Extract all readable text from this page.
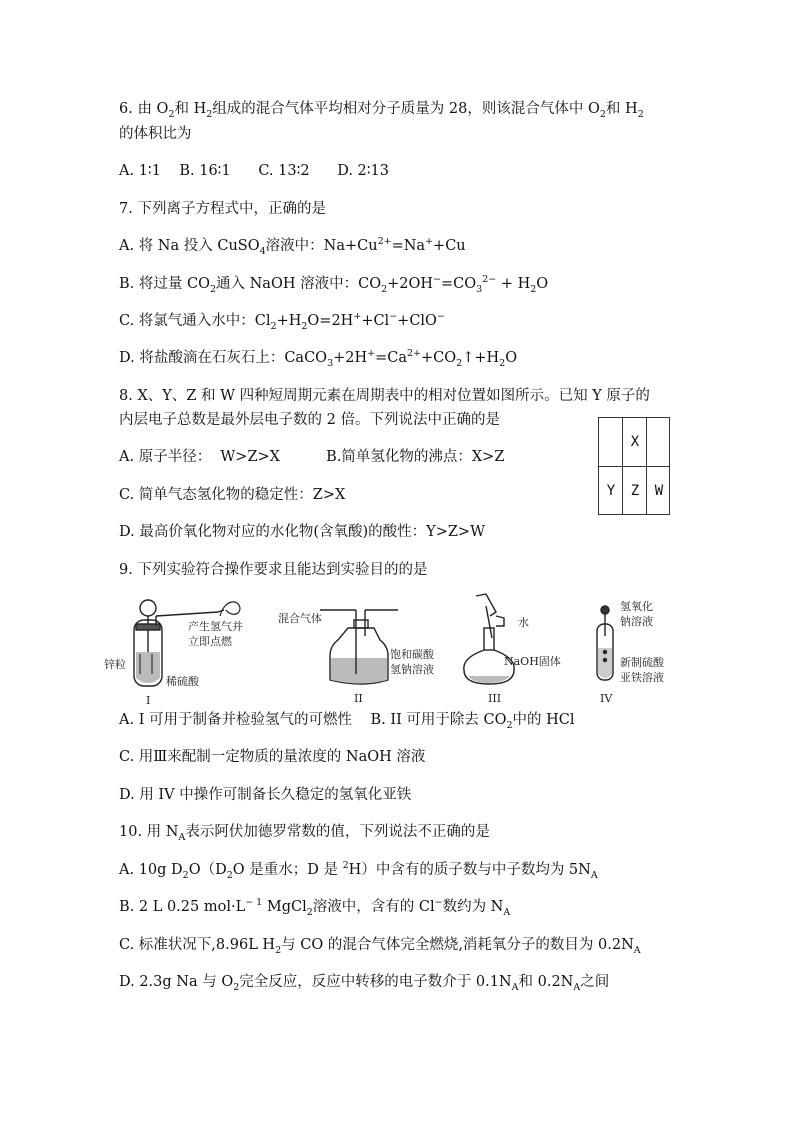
6. 由 $O_2$和 $H_2$组成的混合气体平均相对分子质量为 28，则该混合气体中 $O_2$和 $H_2$
的体积比为
A. 1∶1    B. 16∶1      C. 13∶2      D. 2∶13
7. 下列离子方程式中，正确的是
A. 将 Na 投入 CuSO$_4$溶液中：$Na+Cu^{2+}=Na^++Cu$
B. 将过量 $CO_2$通入 NaOH 溶液中：$CO_2+2OH^-=CO_3^{2-} + H_2O$
C. 将氯气通入水中：$Cl_2+H_2O=2H^++Cl^-+ClO^-$
D. 将盐酸滴在石灰石上：$CaCO_3+2H^+=Ca^{2+}+CO_2↑+H_2O$
8. X、Y、Z 和 W 四种短周期元素在周期表中的相对位置如图所示。已知 Y 原子的
内层电子总数是最外层电子数的 2 倍。下列说法中正确的是
A. 原子半径：  W>Z>X          B.简单氢化物的沸点：X>Z
C. 简单气态氢化物的稳定性：Z>X
D. 最高价氧化物对应的水化物(含氧酸)的酸性：Y>Z>W
X
Y	Z	W
9. 下列实验符合操作要求且能达到实验目的的是
产生氢气并
立即点燃
锌粒
稀硫酸
I
混合气体
饱和碳酸
氢钠溶液
II
水
NaOH固体
III
氢氧化
钠溶液
新制硫酸
亚铁溶液
IV
A. I 可用于制备并检验氢气的可燃性    B. II 可用于除去 $CO_2$中的 HCl
C. 用Ⅲ来配制一定物质的量浓度的 NaOH 溶液
D. 用 IV 中操作可制备长久稳定的氢氧化亚铁
10. 用 $N_A$表示阿伏加德罗常数的值，下列说法不正确的是
A. 10g $D_2O(D_2O$ 是重水；D 是 $^2$H）中含有的质子数与中子数均为 $5N_A$
B. 2 L 0.25 $mol\cdot L^{- 1}$ MgCl$_2$溶液中，含有的 Cl−数约为 $N_A$
C. 标准状况下,8.96L $H_2$与 CO 的混合气体完全燃烧,消耗氧分子的数目为 $0.2N_A$
D. 2.3g Na 与 $O_2$完全反应，反应中转移的电子数介于 $0.1N_A$和 $0.2N_A$之间
